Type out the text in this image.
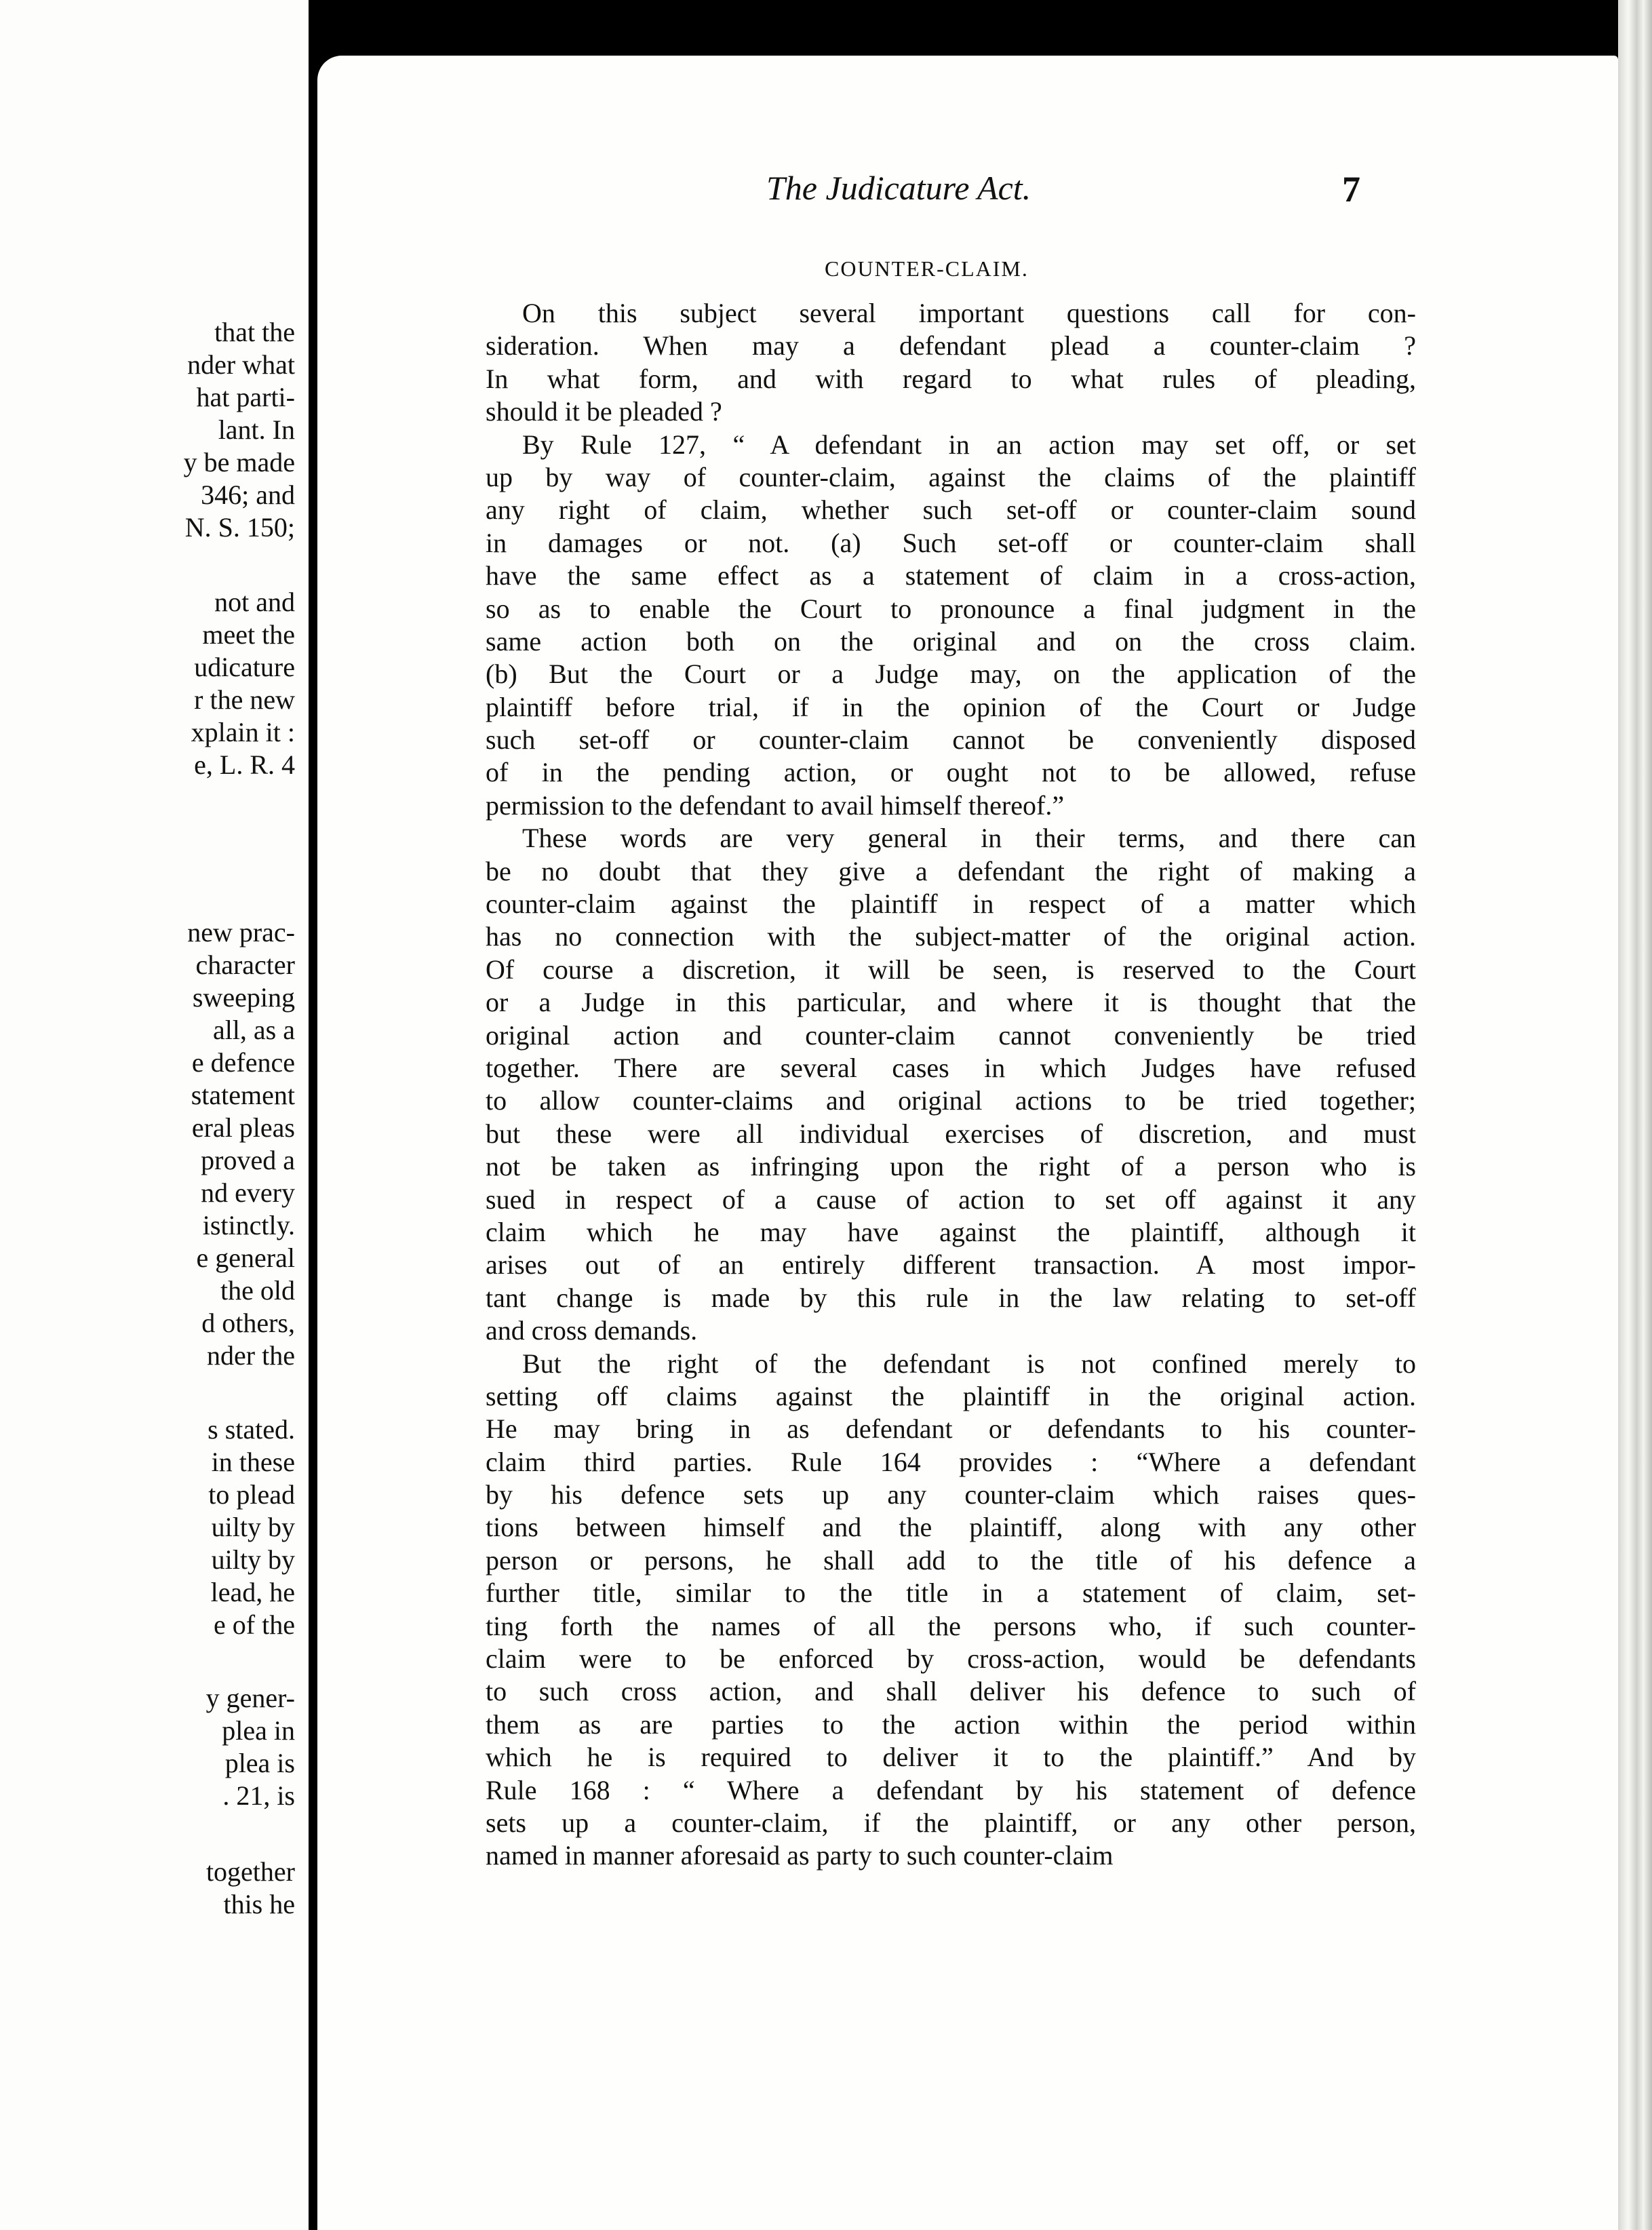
that the
nder what
hat parti-
lant. In
y be made
346; and
N. S. 150;
not and
meet the
udicature
r the new
xplain it :
e, L. R. 4
new prac-
character
sweeping
all, as a
e defence
statement
eral pleas
proved a
nd every
istinctly.
e general
the old
d others,
nder the
s stated.
in these
to plead
uilty by
uilty by
lead, he
e of the
y gener-
plea in
plea is
. 21, is
together
this he
The Judicature Act.	7
COUNTER-CLAIM.
On this subject several important questions call for con-
sideration. When may a defendant plead a counter-claim ?
In what form, and with regard to what rules of pleading,
should it be pleaded ?
By Rule 127, “ A defendant in an action may set off, or set
up by way of counter-claim, against the claims of the plaintiff
any right of claim, whether such set-off or counter-claim sound
in damages or not. (a) Such set-off or counter-claim shall
have the same effect as a statement of claim in a cross-action,
so as to enable the Court to pronounce a final judgment in the
same action both on the original and on the cross claim.
(b) But the Court or a Judge may, on the application of the
plaintiff before trial, if in the opinion of the Court or Judge
such set-off or counter-claim cannot be conveniently disposed
of in the pending action, or ought not to be allowed, refuse
permission to the defendant to avail himself thereof.”
These words are very general in their terms, and there can
be no doubt that they give a defendant the right of making a
counter-claim against the plaintiff in respect of a matter which
has no connection with the subject-matter of the original action.
Of course a discretion, it will be seen, is reserved to the Court
or a Judge in this particular, and where it is thought that the
original action and counter-claim cannot conveniently be tried
together. There are several cases in which Judges have refused
to allow counter-claims and original actions to be tried together;
but these were all individual exercises of discretion, and must
not be taken as infringing upon the right of a person who is
sued in respect of a cause of action to set off against it any
claim which he may have against the plaintiff, although it
arises out of an entirely different transaction. A most impor-
tant change is made by this rule in the law relating to set-off
and cross demands.
But the right of the defendant is not confined merely to
setting off claims against the plaintiff in the original action.
He may bring in as defendant or defendants to his counter-
claim third parties. Rule 164 provides : “Where a defendant
by his defence sets up any counter-claim which raises ques-
tions between himself and the plaintiff, along with any other
person or persons, he shall add to the title of his defence a
further title, similar to the title in a statement of claim, set-
ting forth the names of all the persons who, if such counter-
claim were to be enforced by cross-action, would be defendants
to such cross action, and shall deliver his defence to such of
them as are parties to the action within the period within
which he is required to deliver it to the plaintiff.” And by
Rule 168 : “ Where a defendant by his statement of defence
sets up a counter-claim, if the plaintiff, or any other person,
named in manner aforesaid as party to such counter-claim
